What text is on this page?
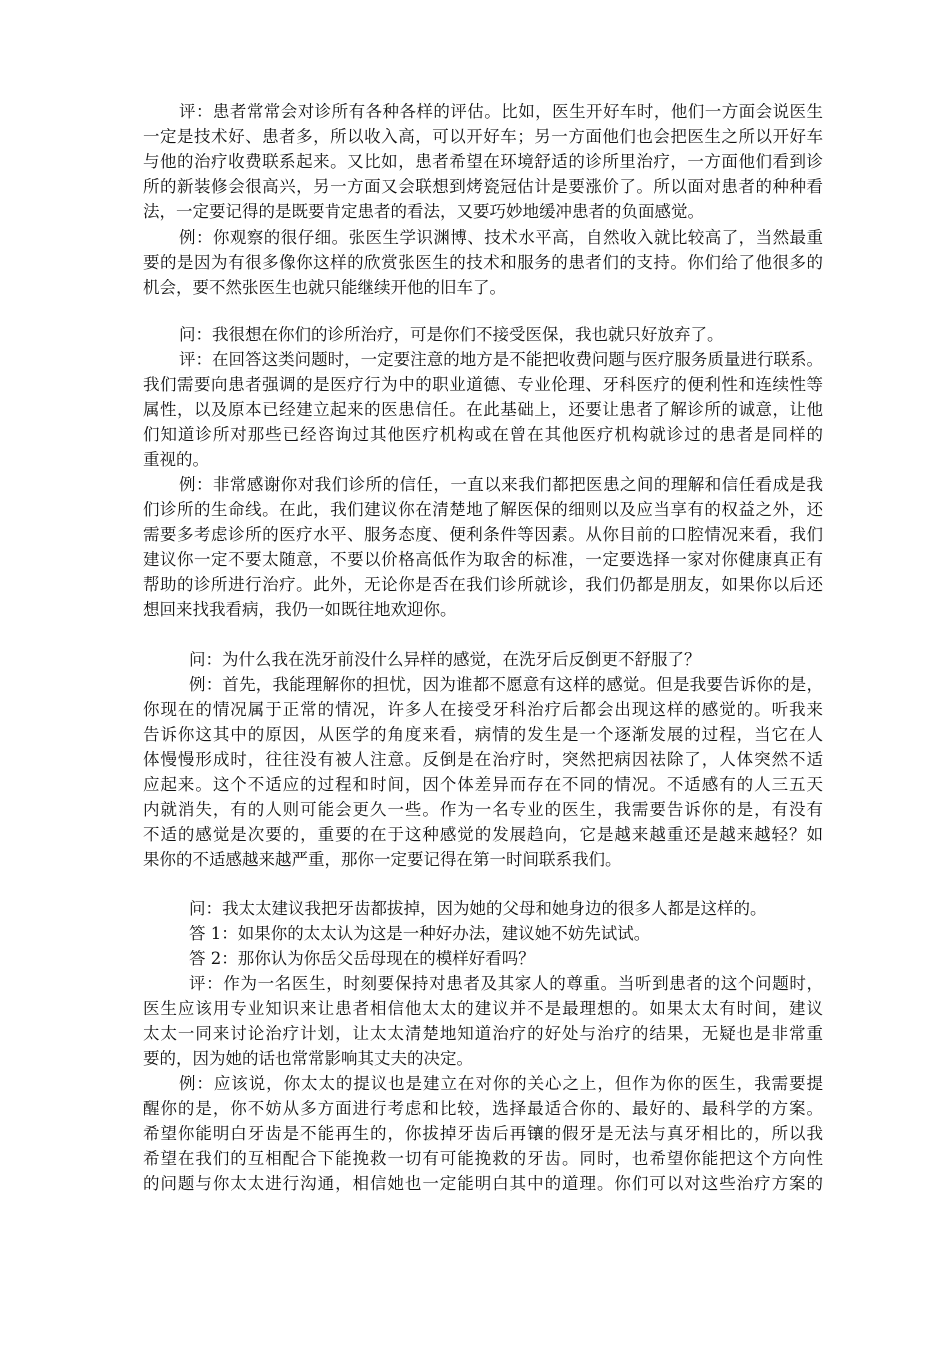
评：患者常常会对诊所有各种各样的评估。比如，医生开好车时，他们一方面会说医生
一定是技术好、患者多，所以收入高，可以开好车；另一方面他们也会把医生之所以开好车
与他的治疗收费联系起来。又比如，患者希望在环境舒适的诊所里治疗，一方面他们看到诊
所的新装修会很高兴，另一方面又会联想到烤瓷冠估计是要涨价了。所以面对患者的种种看
法，一定要记得的是既要肯定患者的看法，又要巧妙地缓冲患者的负面感觉。
例：你观察的很仔细。张医生学识渊博、技术水平高，自然收入就比较高了，当然最重
要的是因为有很多像你这样的欣赏张医生的技术和服务的患者们的支持。你们给了他很多的
机会，要不然张医生也就只能继续开他的旧车了。
问：我很想在你们的诊所治疗，可是你们不接受医保，我也就只好放弃了。
评：在回答这类问题时，一定要注意的地方是不能把收费问题与医疗服务质量进行联系。
我们需要向患者强调的是医疗行为中的职业道德、专业伦理、牙科医疗的便利性和连续性等
属性，以及原本已经建立起来的医患信任。在此基础上，还要让患者了解诊所的诚意，让他
们知道诊所对那些已经咨询过其他医疗机构或在曾在其他医疗机构就诊过的患者是同样的
重视的。
例：非常感谢你对我们诊所的信任，一直以来我们都把医患之间的理解和信任看成是我
们诊所的生命线。在此，我们建议你在清楚地了解医保的细则以及应当享有的权益之外，还
需要多考虑诊所的医疗水平、服务态度、便利条件等因素。从你目前的口腔情况来看，我们
建议你一定不要太随意，不要以价格高低作为取舍的标准，一定要选择一家对你健康真正有
帮助的诊所进行治疗。此外，无论你是否在我们诊所就诊，我们仍都是朋友，如果你以后还
想回来找我看病，我仍一如既往地欢迎你。
问：为什么我在洗牙前没什么异样的感觉，在洗牙后反倒更不舒服了？
例：首先，我能理解你的担忧，因为谁都不愿意有这样的感觉。但是我要告诉你的是，
你现在的情况属于正常的情况，许多人在接受牙科治疗后都会出现这样的感觉的。听我来
告诉你这其中的原因，从医学的角度来看，病情的发生是一个逐渐发展的过程，当它在人
体慢慢形成时，往往没有被人注意。反倒是在治疗时，突然把病因祛除了，人体突然不适
应起来。这个不适应的过程和时间，因个体差异而存在不同的情况。不适感有的人三五天
内就消失，有的人则可能会更久一些。作为一名专业的医生，我需要告诉你的是，有没有
不适的感觉是次要的，重要的在于这种感觉的发展趋向，它是越来越重还是越来越轻？如
果你的不适感越来越严重，那你一定要记得在第一时间联系我们。
问：我太太建议我把牙齿都拔掉，因为她的父母和她身边的很多人都是这样的。
答 1：如果你的太太认为这是一种好办法，建议她不妨先试试。
答 2：那你认为你岳父岳母现在的模样好看吗？
评：作为一名医生，时刻要保持对患者及其家人的尊重。当听到患者的这个问题时，
医生应该用专业知识来让患者相信他太太的建议并不是最理想的。如果太太有时间，建议
太太一同来讨论治疗计划，让太太清楚地知道治疗的好处与治疗的结果，无疑也是非常重
要的，因为她的话也常常影响其丈夫的决定。
例：应该说，你太太的提议也是建立在对你的关心之上，但作为你的医生，我需要提
醒你的是，你不妨从多方面进行考虑和比较，选择最适合你的、最好的、最科学的方案。
希望你能明白牙齿是不能再生的，你拔掉牙齿后再镶的假牙是无法与真牙相比的，所以我
希望在我们的互相配合下能挽救一切有可能挽救的牙齿。同时，也希望你能把这个方向性
的问题与你太太进行沟通，相信她也一定能明白其中的道理。你们可以对这些治疗方案的
